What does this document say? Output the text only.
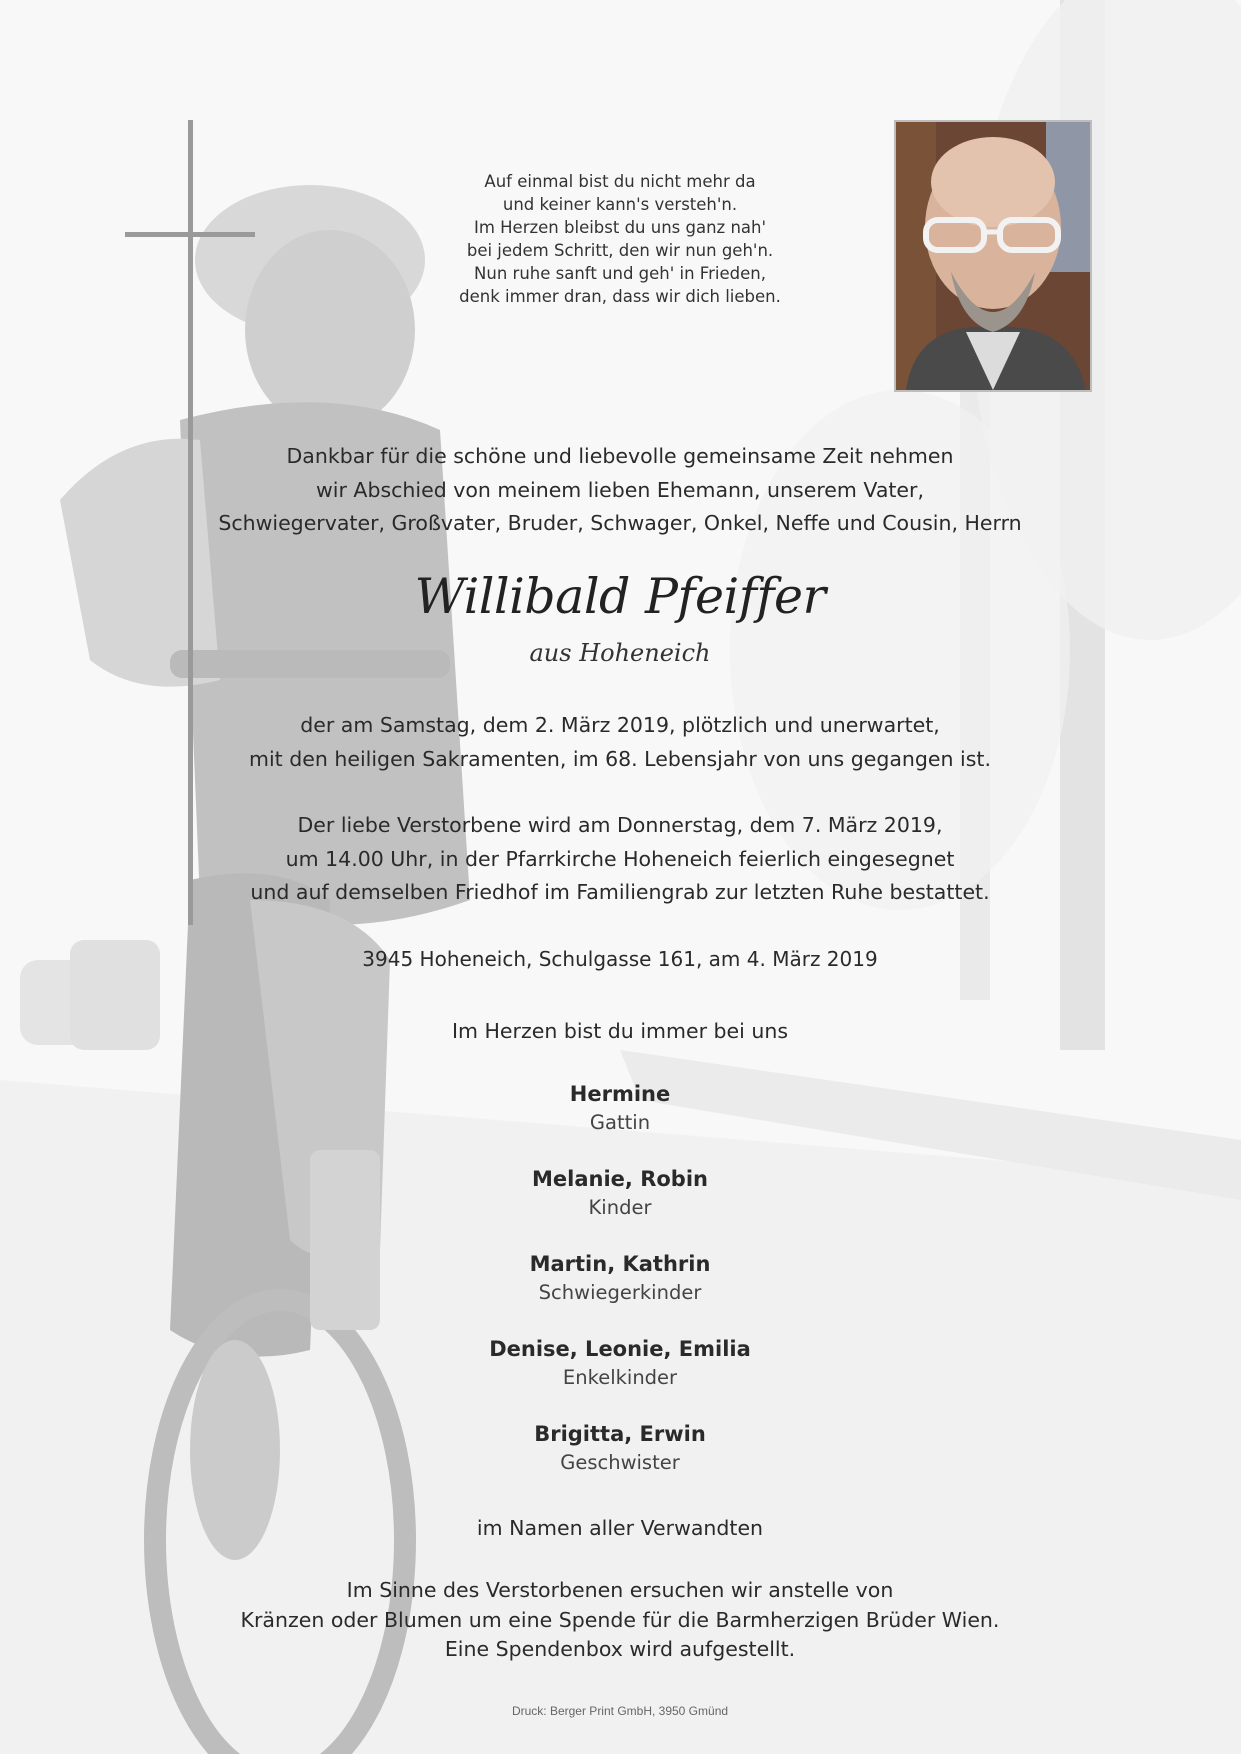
Auf einmal bist du nicht mehr da
und keiner kann's versteh'n.
Im Herzen bleibst du uns ganz nah'
bei jedem Schritt, den wir nun geh'n.
Nun ruhe sanft und geh' in Frieden,
denk immer dran, dass wir dich lieben.
Dankbar für die schöne und liebevolle gemeinsame Zeit nehmen
wir Abschied von meinem lieben Ehemann, unserem Vater,
Schwiegervater, Großvater, Bruder, Schwager, Onkel, Neffe und Cousin, Herrn
Willibald Pfeiffer
aus Hoheneich
der am Samstag, dem 2. März 2019, plötzlich und unerwartet,
mit den heiligen Sakramenten, im 68. Lebensjahr von uns gegangen ist.
Der liebe Verstorbene wird am Donnerstag, dem 7. März 2019,
um 14.00 Uhr, in der Pfarrkirche Hoheneich feierlich eingesegnet
und auf demselben Friedhof im Familiengrab zur letzten Ruhe bestattet.
3945 Hoheneich, Schulgasse 161, am 4. März 2019
Im Herzen bist du immer bei uns
Hermine
Gattin
Melanie, Robin
Kinder
Martin, Kathrin
Schwiegerkinder
Denise, Leonie, Emilia
Enkelkinder
Brigitta, Erwin
Geschwister
im Namen aller Verwandten
Im Sinne des Verstorbenen ersuchen wir anstelle von
Kränzen oder Blumen um eine Spende für die Barmherzigen Brüder Wien.
Eine Spendenbox wird aufgestellt.
Druck: Berger Print GmbH, 3950 Gmünd
